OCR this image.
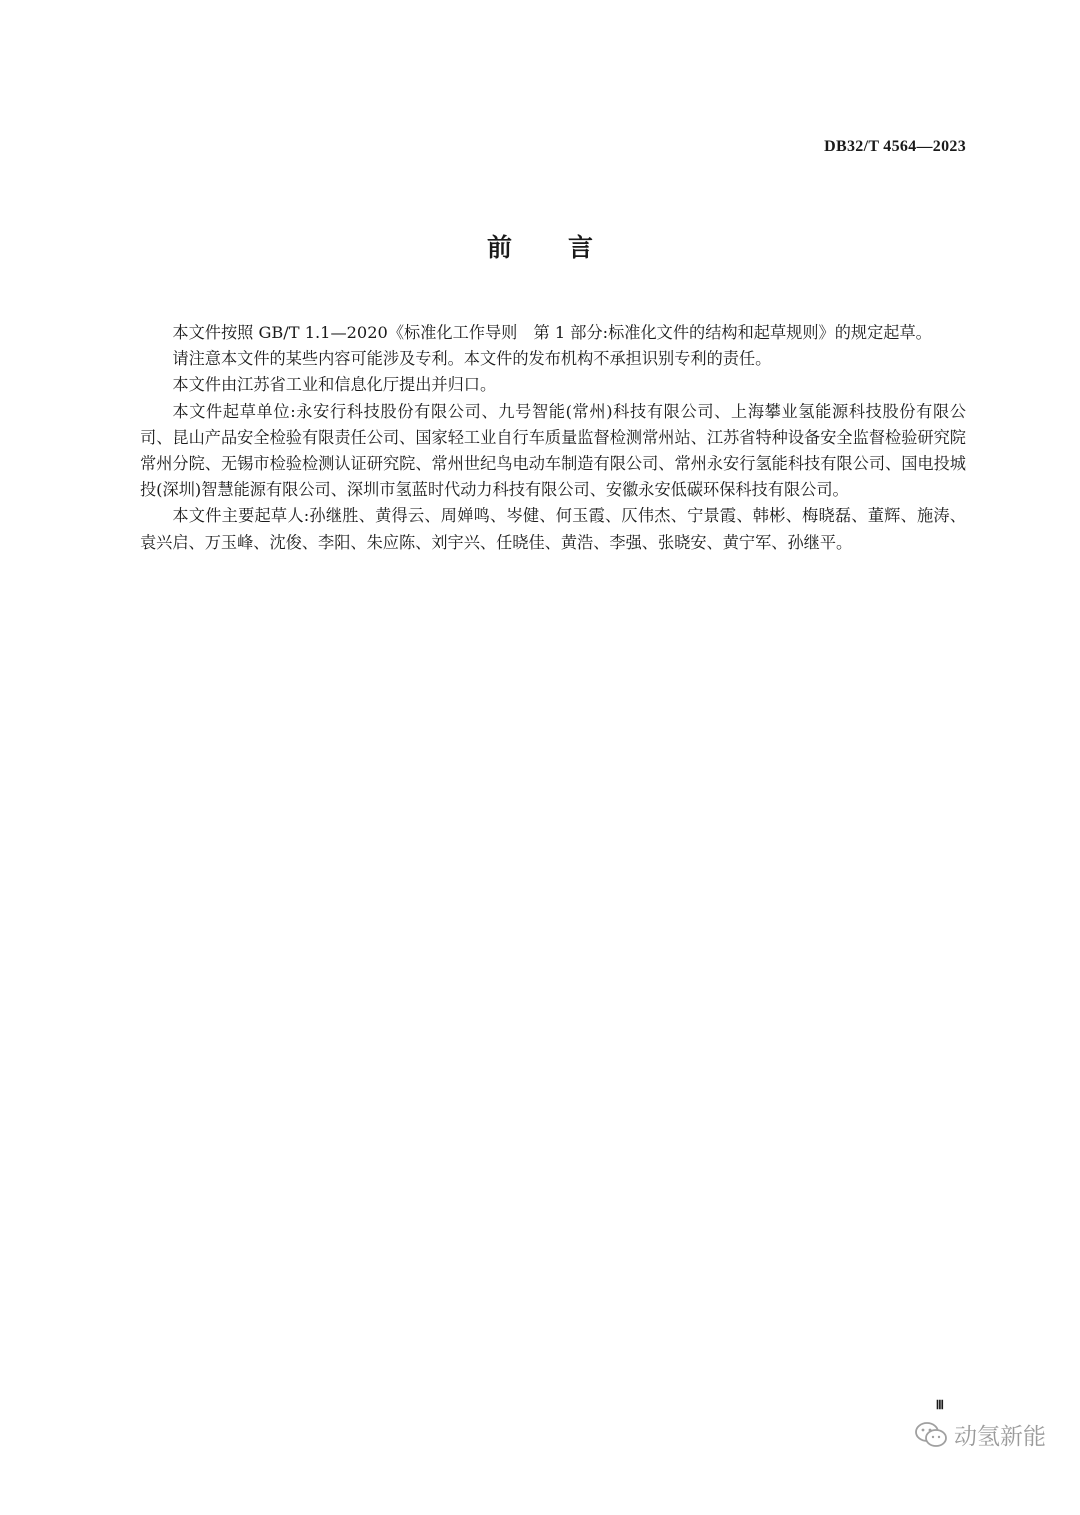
DB32/T 4564—2023
前言

本文件按照 GB/T 1.1—2020《标准化工作导则　第 1 部分:标准化文件的结构和起草规则》的规定起草。

请注意本文件的某些内容可能涉及专利。本文件的发布机构不承担识别专利的责任。

本文件由江苏省工业和信息化厅提出并归口。

本文件起草单位:永安行科技股份有限公司、九号智能(常州)科技有限公司、上海攀业氢能源科技股份有限公司、昆山产品安全检验有限责任公司、国家轻工业自行车质量监督检测常州站、江苏省特种设备安全监督检验研究院常州分院、无锡市检验检测认证研究院、常州世纪鸟电动车制造有限公司、常州永安行氢能科技有限公司、国电投城投(深圳)智慧能源有限公司、深圳市氢蓝时代动力科技有限公司、安徽永安低碳环保科技有限公司。

本文件主要起草人:孙继胜、黄得云、周婵鸣、岑健、何玉霞、仄伟杰、宁景霞、韩彬、梅晓磊、董辉、施涛、袁兴启、万玉峰、沈俊、李阳、朱应陈、刘宇兴、任晓佳、黄浩、李强、张晓安、黄宁军、孙继平。

Ⅲ
动氢新能
